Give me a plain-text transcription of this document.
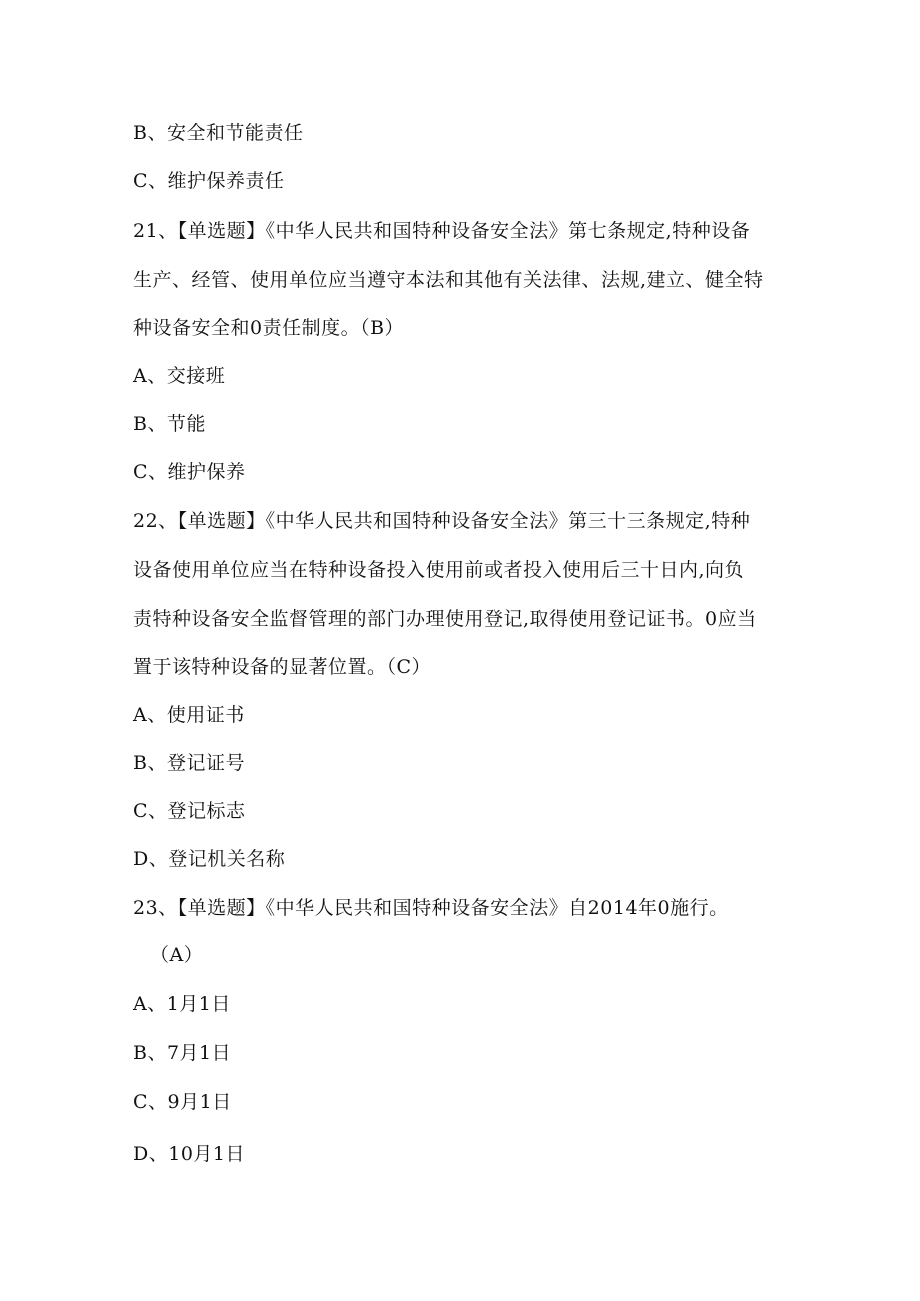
B、安全和节能责任
C、维护保养责任
21、【单选题】《中华人民共和国特种设备安全法》第七条规定,特种设备
生产、经管、使用单位应当遵守本法和其他有关法律、法规,建立、健全特
种设备安全和0责任制度。（B）
A、交接班
B、节能
C、维护保养
22、【单选题】《中华人民共和国特种设备安全法》第三十三条规定,特种
设备使用单位应当在特种设备投入使用前或者投入使用后三十日内,向负
责特种设备安全监督管理的部门办理使用登记,取得使用登记证书。0应当
置于该特种设备的显著位置。（C）
A、使用证书
B、登记证号
C、登记标志
D、登记机关名称
23、【单选题】《中华人民共和国特种设备安全法》自2014年0施行。
（A）
A、1月1日
B、7月1日
C、9月1日
D、10月1日
